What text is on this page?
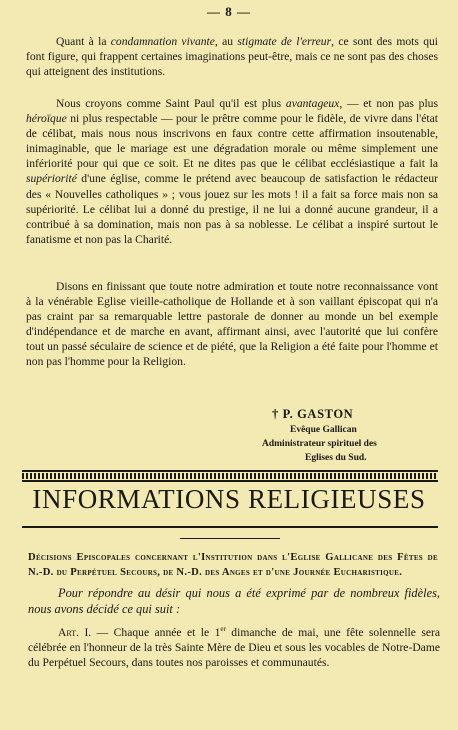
— 8 —

Quant à la condamnation vivante, au stigmate de l'erreur, ce sont des mots qui font figure, qui frappent certaines imaginations peut-être, mais ce ne sont pas des choses qui atteignent des institutions.

Nous croyons comme Saint Paul qu'il est plus avantageux, — et non pas plus héroïque ni plus respectable — pour le prêtre comme pour le fidèle, de vivre dans l'état de célibat, mais nous nous inscrivons en faux contre cette affirmation insoutenable, inimaginable, que le mariage est une dégradation morale ou même simplement une infériorité pour qui que ce soit. Et ne dites pas que le célibat ecclésiastique a fait la supériorité d'une église, comme le prétend avec beaucoup de satisfaction le rédacteur des « Nouvelles catholiques » ; vous jouez sur les mots ! il a fait sa force mais non sa supériorité. Le célibat lui a donné du prestige, il ne lui a donné aucune grandeur, il a contribué à sa domination, mais non pas à sa noblesse. Le célibat a inspiré surtout le fanatisme et non pas la Charité.

Disons en finissant que toute notre admiration et toute notre reconnaissance vont à la vénérable Eglise vieille-catholique de Hollande et à son vaillant épiscopat qui n'a pas craint par sa remarquable lettre pastorale de donner au monde un bel exemple d'indépendance et de marche en avant, affirmant ainsi, avec l'autorité que lui confère tout un passé séculaire de science et de piété, que la Religion a été faite pour l'homme et non pas l'homme pour la Religion.

† P. GASTON
Evêque Gallican
Administrateur spirituel des
Eglises du Sud.
INFORMATIONS RELIGIEUSES
Décisions Episcopales concernant l'Institution dans l'Eglise Gallicane des Fêtes de N.-D. du Perpétuel Secours, de N.-D. des Anges et d'une Journée Eucharistique.

Pour répondre au désir qui nous a été exprimé par de nombreux fidèles, nous avons décidé ce qui suit :

Art. I. — Chaque année et le 1er dimanche de mai, une fête solennelle sera célébrée en l'honneur de la très Sainte Mère de Dieu et sous les vocables de Notre-Dame du Perpétuel Secours, dans toutes nos paroisses et communautés.
